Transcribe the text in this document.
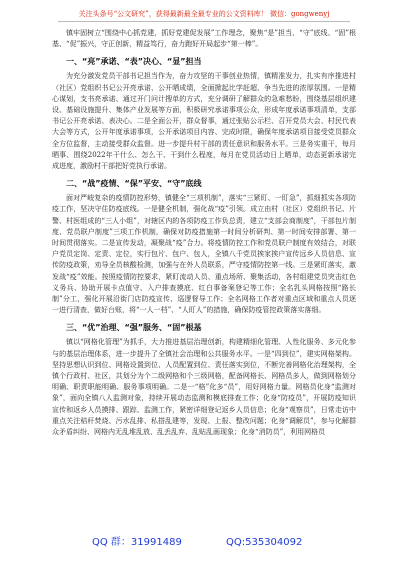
关注头条号“公文研究”，获得最新最全最专业的公文资料库！ 微信：gongwenyj

镇牢固树立“围绕中心抓党建，抓好党建促发展”工作理念，聚焦“是”担当、“守”底线、“固”根基、“促”振兴，守正创新，精益笃行，奋力跑好开局起步“第一棒”。

一、“亮”承诺、“表”决心、“显”担当

为充分激发党员干部书记担当作为，奋力攻坚的干事创业热情，镇精准发力，扎实有序推进村（社区）党组织书记公开亮承诺、公开晒成绩，全面掀起比学赶超、争当先进的浓厚氛围。一是精心谋划，支书亮承诺、通过开门问计搜单的方式，充分调研了解群众的急难愁盼，围绕基层组织建设、基础设施提升、集体产业发展等方面，积极研究承诺事项公众，形成年度承诺事项清单，支部书记公开亮承诺、表决心。二是全面公开，群众督事，通过张贴公示栏、召开党员大会、村民代表大会等方式，公开年度承诺事项，公开承诺项目内容、完成时限，确保年度承诺项目接受党员群众全方位监督，主动接受群众监督。进一步提升村干部的责任意识和服务水平。三是务实重干，每月晒事、围绕2022年干什么、怎么干、干到什么程度，每月在党员活动日上晒单，动态更新承诺完成进度，激励村干部把好党执行承诺。

二、“战”疫情、“保”平安、“守”底线

面对严峻复杂的疫情防控形势，镇健全“三项机制”，落实“三紧盯、一盯急”，抓细抓实各项防疫工作，坚决守住防疫底线。一是健全机制，强化战“疫”引领。成立由村（社区）党组织书记、片警、村医组成的“三人小组”，对辖区内的各项防疫工作负总责，建立“支部会商制度”，干部包片制度、党员联户制度”三项工作机制，确保对防疫措施第一时间分析研判、第一时间安排部署、第一时间贯彻落实。二是宣传发动，凝聚战“疫”合力。将疫情防控工作和党员联户制度有效结合，对联户党员定岗、定责、定位，实行包片、包户、包人，全镇八千党员挨家挨户宣传远乡人员信息、宣传防疫政策，劝导全员核酸检测，加强与在外人员联系，严守疫情防控第一线。三是紧盯落实，激发战“疫”效能。按照疫情防控要求，紧盯流动人员、重点场所、聚集活动，各村组建党员突击红色义务兵、协助开展卡点值守、入户排查摸底、红白事备案登记等工作；全名乳头网格按照“路长制”分工，强化开展沿街门店防疫宣传、巡逻督导工作；全名网格工作者对重点区域和重点人员逐一进行清查，做好台账，将“一人一档”、“人盯人”的措施，确保防疫管控政策落实落细。

三、“优”治理、“强”服务、“固”根基

镇以“网格化管理”为抓手，大力推进基层治理创新，构建精细化管理、人性化服务、多元化参与的基层治理体系，进一步提升了全镇社会治理和公共服务水平。一是“四到位”，建实网格架构。坚持思想认识到位、网格设置到位、人员配置到位、责任落实到位，不断完善网格化治理架构，全镇个行政村、社区，共划分为个二级网格和个三级网格，配备网格长、网格员多人，做到网格划分明确、职责职能明确、服务事项明确。二是一“格”化多“员”，用好网格力量。网格员化身“监测对象”，面向全镇八人监测对象，持续开展动态监测和模底排查工作；化身“防疫员”，开展防疫知识宣传和返乡人员摸排、跟踪、监测工作，紧密详细登记返乡人员信息；化身“观察员”，日常走访中重点关注秸秆焚烧、污水乱排、私搭乱建等，发现、上报、整改问题；化身“调解员”，参与化解群众矛盾纠纷、网格内无乱堆乱放、乱丢乱弃、乱贴乱画现象；化身“消防员”，利用网格员

QQ 群：31991489	QQ:535304092
